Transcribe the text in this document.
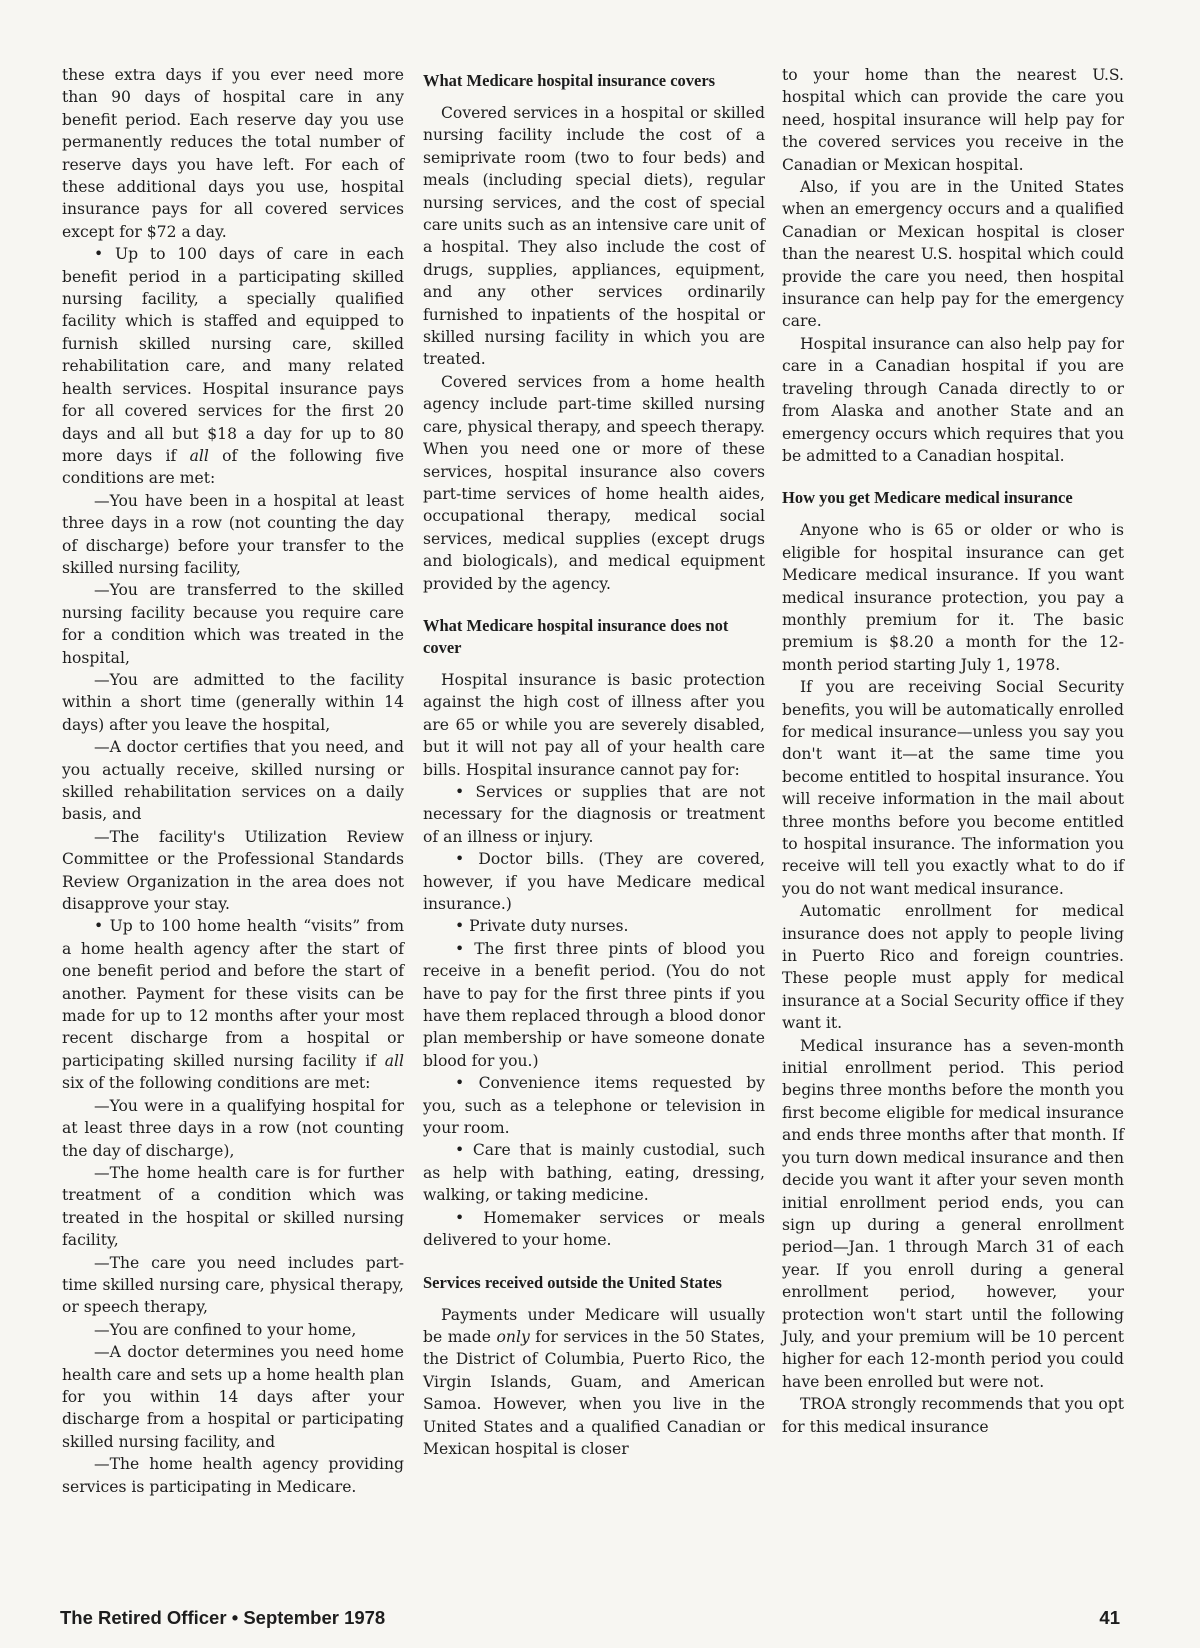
these extra days if you ever need more than 90 days of hospital care in any benefit period. Each reserve day you use permanently reduces the total number of reserve days you have left. For each of these additional days you use, hospital insurance pays for all covered services except for $72 a day.

• Up to 100 days of care in each benefit period in a participating skilled nursing facility, a specially qualified facility which is staffed and equipped to furnish skilled nursing care, skilled rehabilitation care, and many related health services. Hospital insurance pays for all covered services for the first 20 days and all but $18 a day for up to 80 more days if all of the following five conditions are met:

—You have been in a hospital at least three days in a row (not counting the day of discharge) before your transfer to the skilled nursing facility,

—You are transferred to the skilled nursing facility because you require care for a condition which was treated in the hospital,

—You are admitted to the facility within a short time (generally within 14 days) after you leave the hospital,

—A doctor certifies that you need, and you actually receive, skilled nursing or skilled rehabilitation services on a daily basis, and

—The facility's Utilization Review Committee or the Professional Standards Review Organization in the area does not disapprove your stay.

• Up to 100 home health “visits” from a home health agency after the start of one benefit period and before the start of another. Payment for these visits can be made for up to 12 months after your most recent discharge from a hospital or participating skilled nursing facility if all six of the following conditions are met:

—You were in a qualifying hospital for at least three days in a row (not counting the day of discharge),

—The home health care is for further treatment of a condition which was treated in the hospital or skilled nursing facility,

—The care you need includes part-time skilled nursing care, physical therapy, or speech therapy,

—You are confined to your home,

—A doctor determines you need home health care and sets up a home health plan for you within 14 days after your discharge from a hospital or participating skilled nursing facility, and

—The home health agency providing services is participating in Medicare.

What Medicare hospital insurance covers

Covered services in a hospital or skilled nursing facility include the cost of a semiprivate room (two to four beds) and meals (including special diets), regular nursing services, and the cost of special care units such as an intensive care unit of a hospital. They also include the cost of drugs, supplies, appliances, equipment, and any other services ordinarily furnished to inpatients of the hospital or skilled nursing facility in which you are treated.

Covered services from a home health agency include part-time skilled nursing care, physical therapy, and speech therapy. When you need one or more of these services, hospital insurance also covers part-time services of home health aides, occupational therapy, medical social services, medical supplies (except drugs and biologicals), and medical equipment provided by the agency.

What Medicare hospital insurance does not cover

Hospital insurance is basic protection against the high cost of illness after you are 65 or while you are severely disabled, but it will not pay all of your health care bills. Hospital insurance cannot pay for:

• Services or supplies that are not necessary for the diagnosis or treatment of an illness or injury.

• Doctor bills. (They are covered, however, if you have Medicare medical insurance.)

• Private duty nurses.

• The first three pints of blood you receive in a benefit period. (You do not have to pay for the first three pints if you have them replaced through a blood donor plan membership or have someone donate blood for you.)

• Convenience items requested by you, such as a telephone or television in your room.

• Care that is mainly custodial, such as help with bathing, eating, dressing, walking, or taking medicine.

• Homemaker services or meals delivered to your home.

Services received outside the United States

Payments under Medicare will usually be made only for services in the 50 States, the District of Columbia, Puerto Rico, the Virgin Islands, Guam, and American Samoa. However, when you live in the United States and a qualified Canadian or Mexican hospital is closer

to your home than the nearest U.S. hospital which can provide the care you need, hospital insurance will help pay for the covered services you receive in the Canadian or Mexican hospital.

Also, if you are in the United States when an emergency occurs and a qualified Canadian or Mexican hospital is closer than the nearest U.S. hospital which could provide the care you need, then hospital insurance can help pay for the emergency care.

Hospital insurance can also help pay for care in a Canadian hospital if you are traveling through Canada directly to or from Alaska and another State and an emergency occurs which requires that you be admitted to a Canadian hospital.

How you get Medicare medical insurance

Anyone who is 65 or older or who is eligible for hospital insurance can get Medicare medical insurance. If you want medical insurance protection, you pay a monthly premium for it. The basic premium is $8.20 a month for the 12-month period starting July 1, 1978.

If you are receiving Social Security benefits, you will be automatically enrolled for medical insurance—unless you say you don't want it—at the same time you become entitled to hospital insurance. You will receive information in the mail about three months before you become entitled to hospital insurance. The information you receive will tell you exactly what to do if you do not want medical insurance.

Automatic enrollment for medical insurance does not apply to people living in Puerto Rico and foreign countries. These people must apply for medical insurance at a Social Security office if they want it.

Medical insurance has a seven-month initial enrollment period. This period begins three months before the month you first become eligible for medical insurance and ends three months after that month. If you turn down medical insurance and then decide you want it after your seven month initial enrollment period ends, you can sign up during a general enrollment period—Jan. 1 through March 31 of each year. If you enroll during a general enrollment period, however, your protection won't start until the following July, and your premium will be 10 percent higher for each 12-month period you could have been enrolled but were not.

TROA strongly recommends that you opt for this medical insurance

The Retired Officer • September 1978	41
